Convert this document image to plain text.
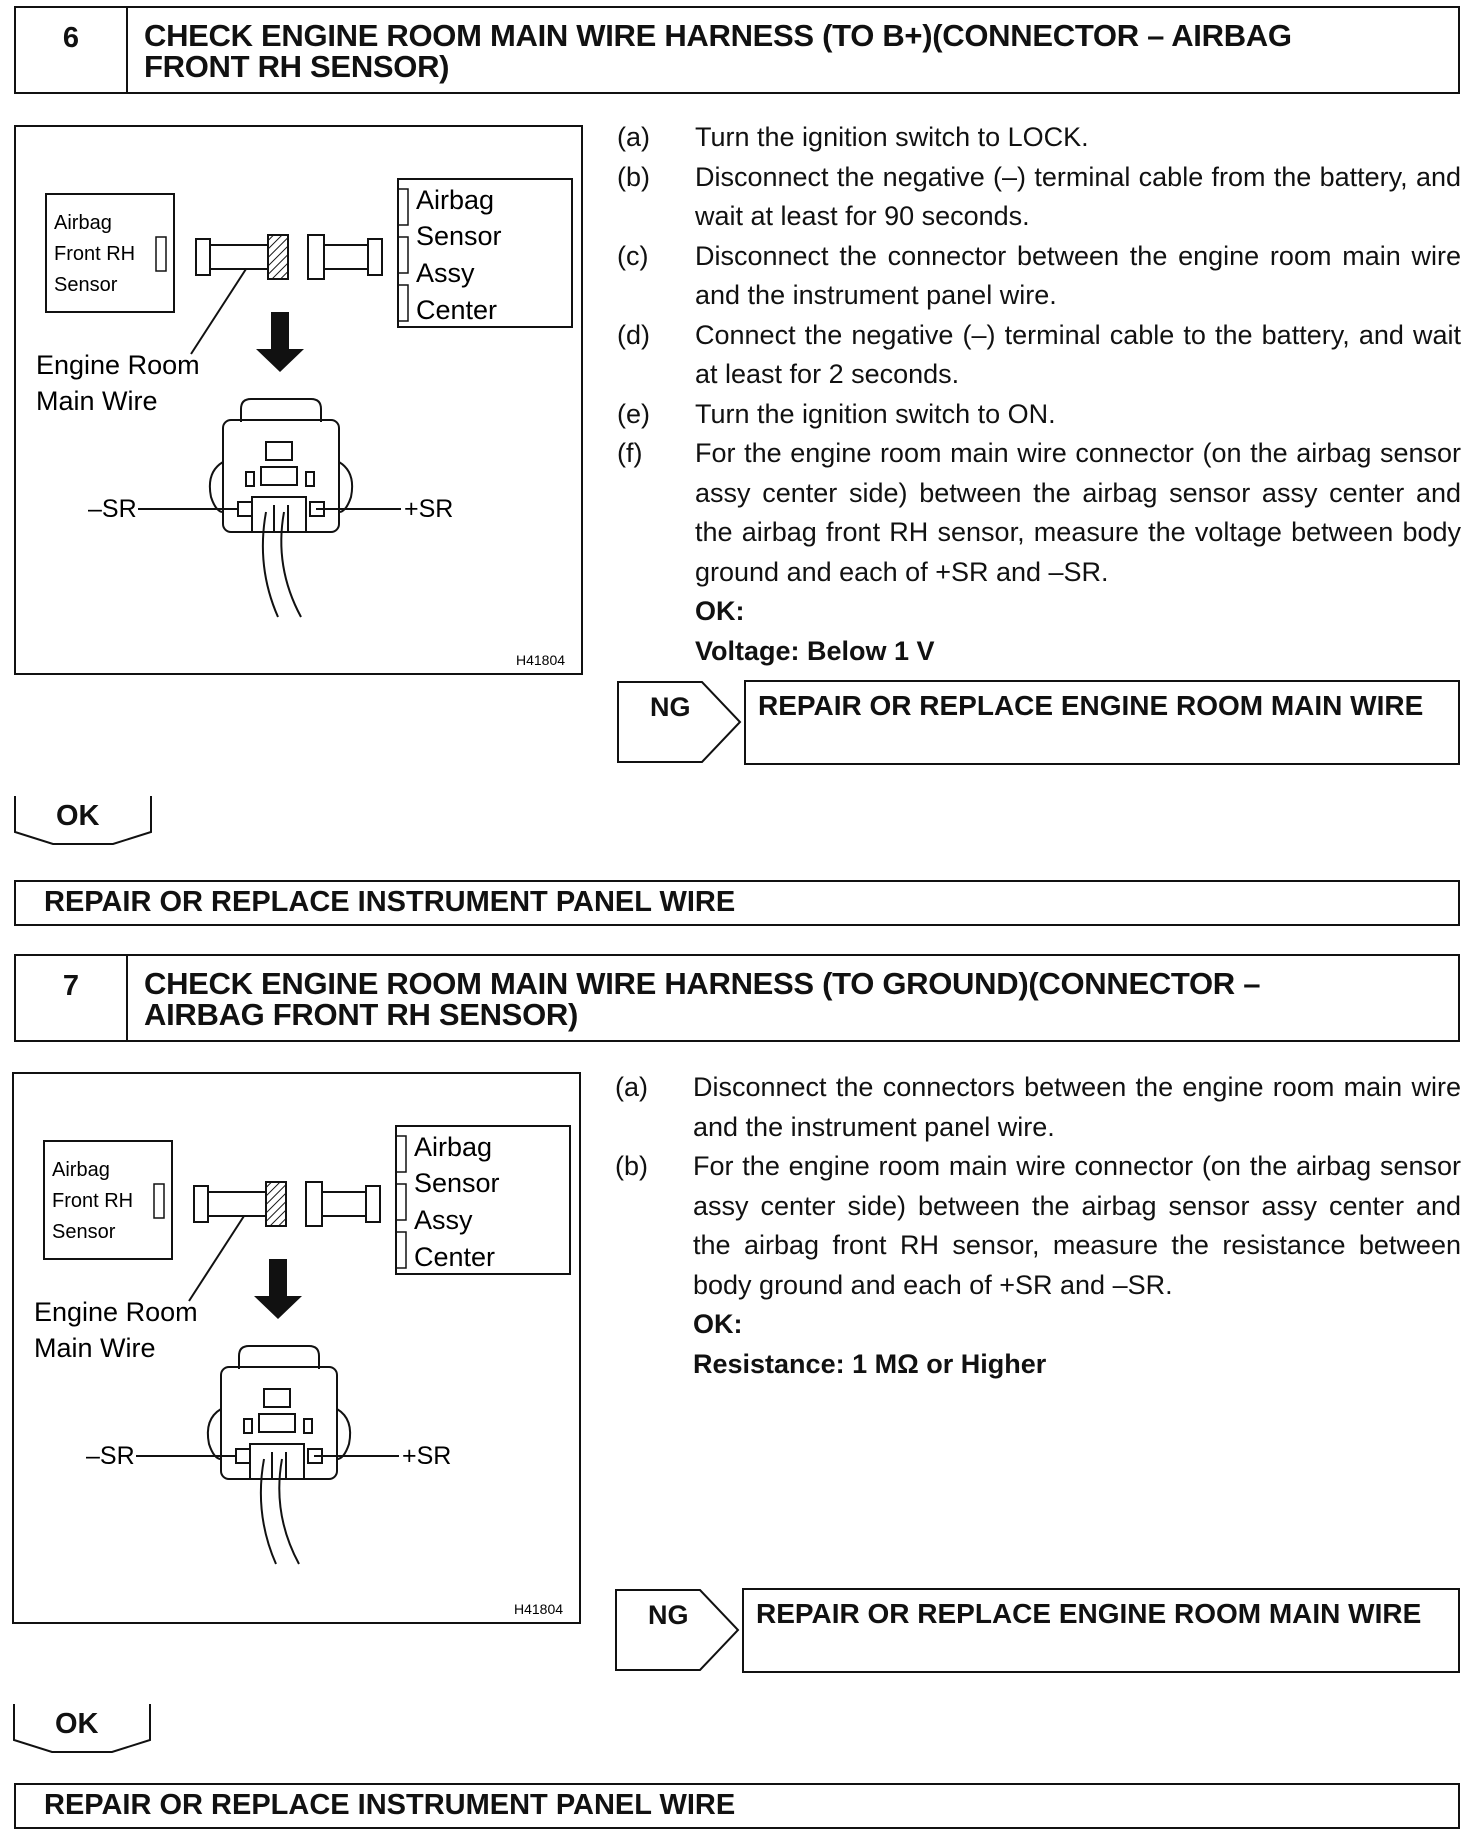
6	CHECK ENGINE ROOM MAIN WIRE HARNESS (TO B+)(CONNECTOR – AIRBAG
FRONT RH SENSOR)
Airbag
Front RH
Sensor
Airbag
Sensor
Assy
Center
Engine Room
Main Wire
–SR	+SR
H41804
(a) Turn the ignition switch to LOCK.
(b) Disconnect the negative (–) terminal cable from the battery, and wait at least for 90 seconds.
(c) Disconnect the connector between the engine room main wire and the instrument panel wire.
(d) Connect the negative (–) terminal cable to the battery, and wait at least for 2 seconds.
(e) Turn the ignition switch to ON.
(f) For the engine room main wire connector (on the airbag sensor assy center side) between the airbag sensor assy center and the airbag front RH sensor, measure the voltage between body ground and each of +SR and –SR.
OK:
Voltage: Below 1 V
NG REPAIR OR REPLACE ENGINE ROOM MAIN WIRE
OK
REPAIR OR REPLACE INSTRUMENT PANEL WIRE
7	CHECK ENGINE ROOM MAIN WIRE HARNESS (TO GROUND)(CONNECTOR –
AIRBAG FRONT RH SENSOR)
Airbag
Front RH
Sensor
Airbag
Sensor
Assy
Center
Engine Room
Main Wire
–SR	+SR
H41804
(a) Disconnect the connectors between the engine room main wire and the instrument panel wire.
(b) For the engine room main wire connector (on the airbag sensor assy center side) between the airbag sensor assy center and the airbag front RH sensor, measure the resistance between body ground and each of +SR and –SR.
OK:
Resistance: 1 MΩ or Higher
NG REPAIR OR REPLACE ENGINE ROOM MAIN WIRE
OK
REPAIR OR REPLACE INSTRUMENT PANEL WIRE
